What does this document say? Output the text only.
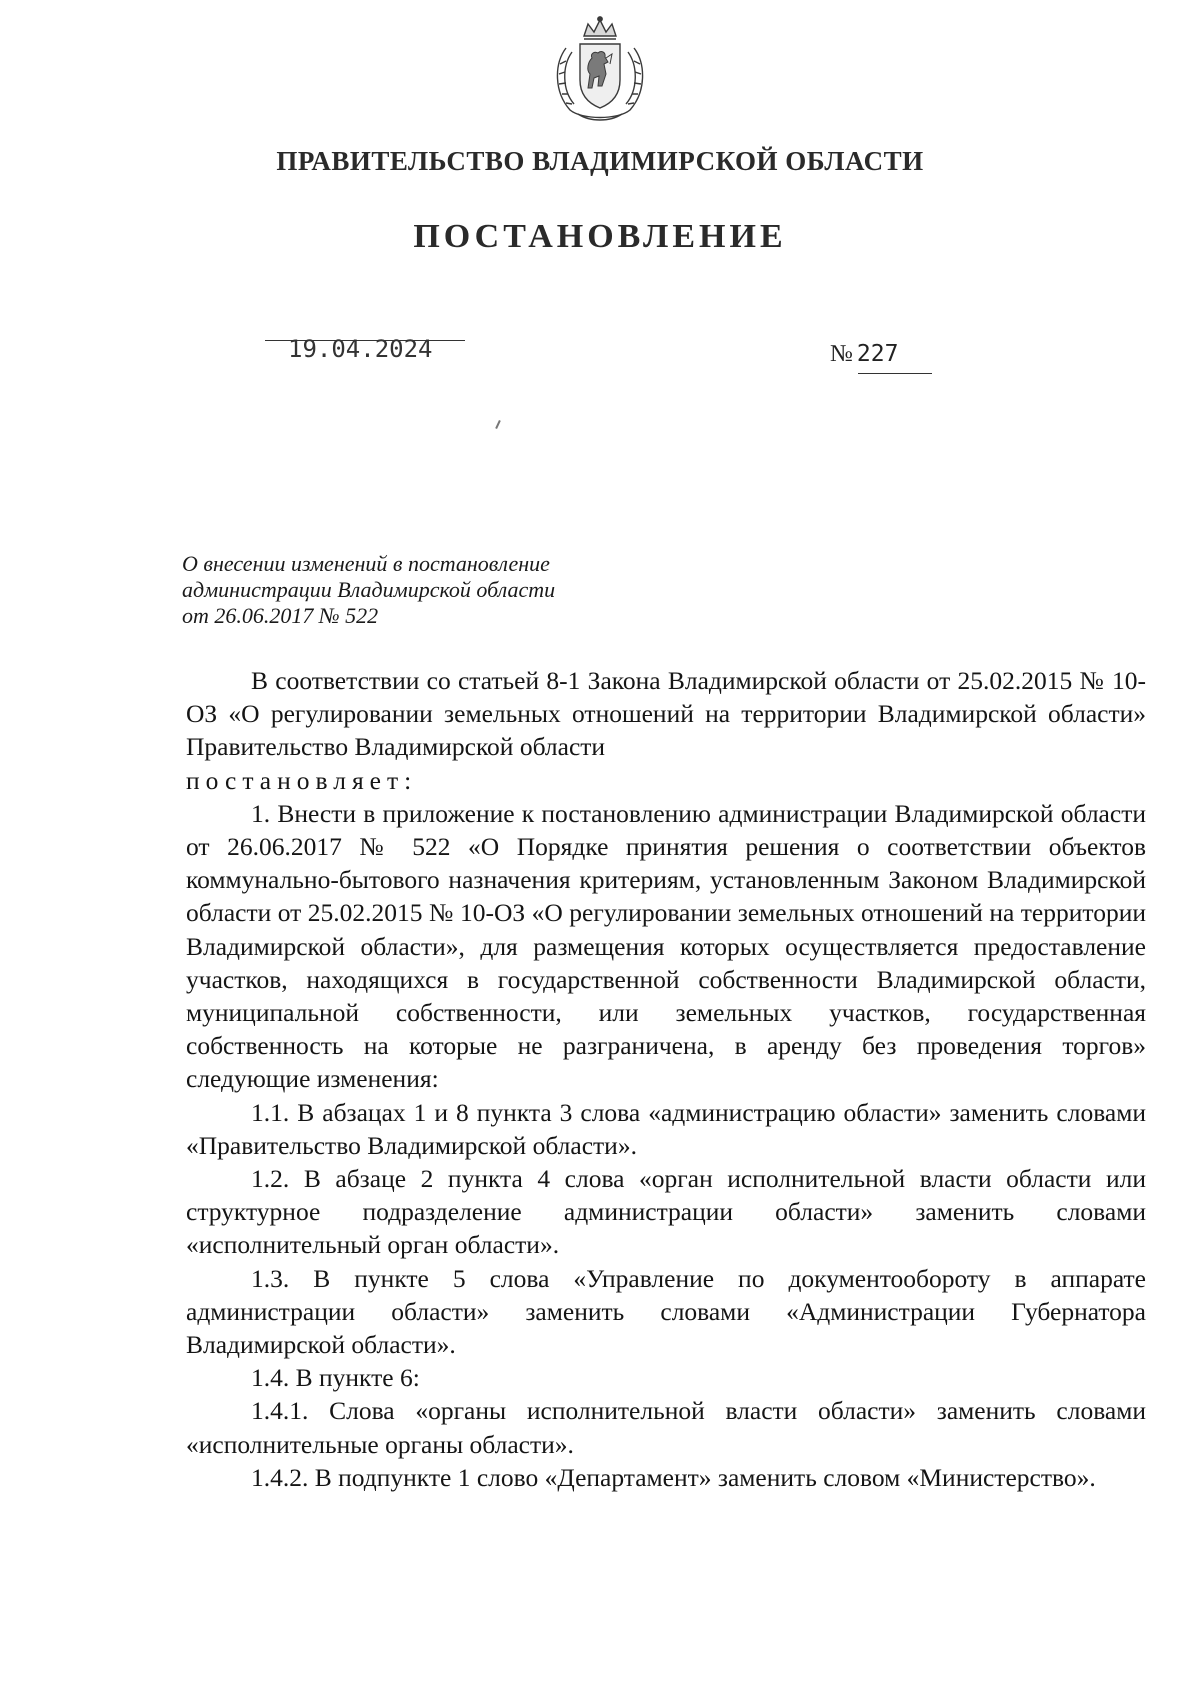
ПРАВИТЕЛЬСТВО ВЛАДИМИРСКОЙ ОБЛАСТИ
ПОСТАНОВЛЕНИЕ
19.04.2024	№ 227
О внесении изменений в постановление
администрации Владимирской области
от 26.06.2017 № 522

В соответствии со статьей 8-1 Закона Владимирской области от 25.02.2015 № 10-ОЗ «О регулировании земельных отношений на территории Владимирской области» Правительство Владимирской области

постановляет:

1. Внести в приложение к постановлению администрации Владимирской области от 26.06.2017 № 522 «О Порядке принятия решения о соответствии объектов коммунально-бытового назначения критериям, установленным Законом Владимирской области от 25.02.2015 № 10-ОЗ «О регулировании земельных отношений на территории Владимирской области», для размещения которых осуществляется предоставление участков, находящихся в государственной собственности Владимирской области, муниципальной собственности, или земельных участков, государственная собственность на которые не разграничена, в аренду без проведения торгов» следующие изменения:

1.1. В абзацах 1 и 8 пункта 3 слова «администрацию области» заменить словами «Правительство Владимирской области».

1.2. В абзаце 2 пункта 4 слова «орган исполнительной власти области или структурное подразделение администрации области» заменить словами «исполнительный орган области».

1.3. В пункте 5 слова «Управление по документообороту в аппарате администрации области» заменить словами «Администрации Губернатора Владимирской области».

1.4. В пункте 6:

1.4.1. Слова «органы исполнительной власти области» заменить словами «исполнительные органы области».

1.4.2. В подпункте 1 слово «Департамент» заменить словом «Министерство».
